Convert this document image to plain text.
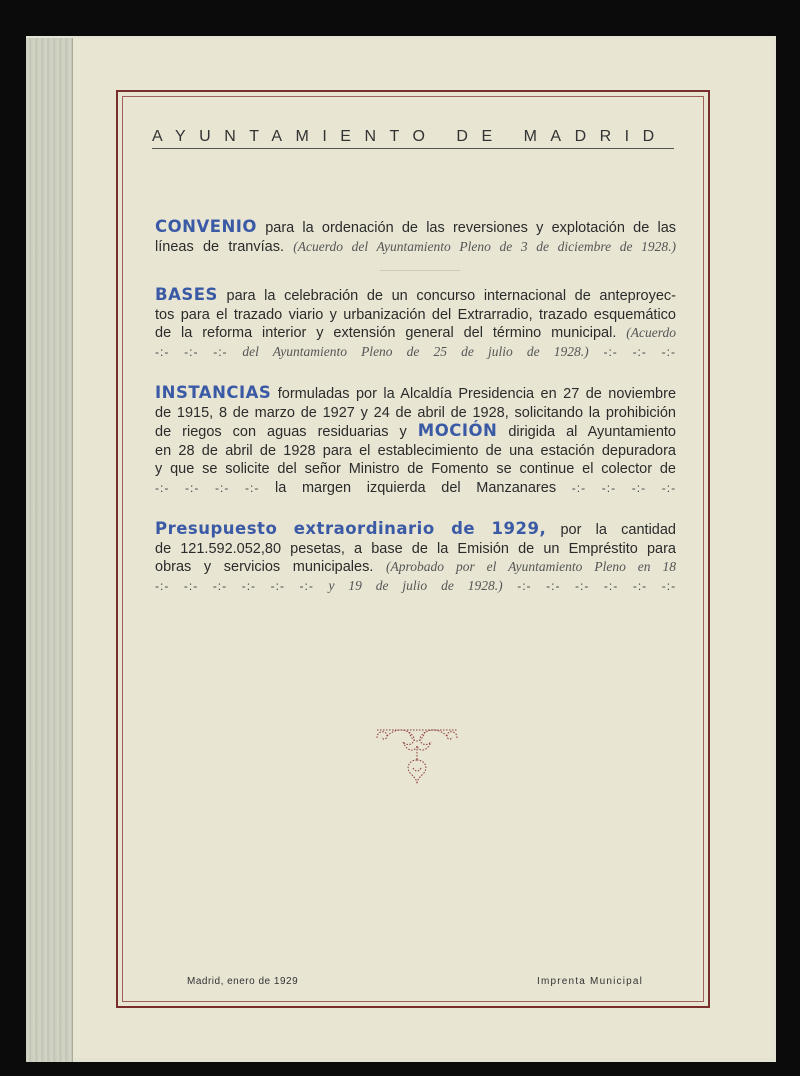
AYUNTAMIENTO DE MADRID
CONVENIO para la ordenación de las reversiones y explotación de las
líneas de tranvías. (Acuerdo del Ayuntamiento Pleno de 3 de diciembre de 1928.)
BASES para la celebración de un concurso internacional de anteproyec-
tos para el trazado viario y urbanización del Extrarradio, trazado esquemático
de la reforma interior y extensión general del término municipal. (Acuerdo
-:- -:- -:- del Ayuntamiento Pleno de 25 de julio de 1928.) -:- -:- -:-
INSTANCIAS formuladas por la Alcaldía Presidencia en 27 de noviembre
de 1915, 8 de marzo de 1927 y 24 de abril de 1928, solicitando la prohibición
de riegos con aguas residuarias y MOCIÓN dirigida al Ayuntamiento
en 28 de abril de 1928 para el establecimiento de una estación depuradora
y que se solicite del señor Ministro de Fomento se continue el colector de
-:- -:- -:- -:- la margen izquierda del Manzanares -:- -:- -:- -:-
Presupuesto extraordinario de 1929, por la cantidad
de 121.592.052,80 pesetas, a base de la Emisión de un Empréstito para
obras y servicios municipales. (Aprobado por el Ayuntamiento Pleno en 18
-:- -:- -:- -:- -:- -:- y 19 de julio de 1928.) -:- -:- -:- -:- -:- -:-
Madrid, enero de 1929	Imprenta Municipal
